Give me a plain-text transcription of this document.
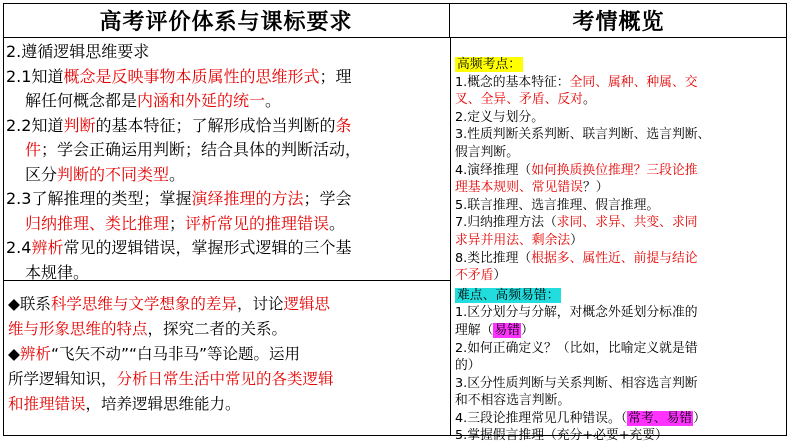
高考评价体系与课标要求	考情概览

2.遵循逻辑思维要求

2.1知道概念是反映事物本质属性的思维形式；理

解任何概念都是内涵和外延的统一。

2.2知道判断的基本特征；了解形成恰当判断的条

件；学会正确运用判断；结合具体的判断活动，

区分判断的不同类型。

2.3了解推理的类型；掌握演绎推理的方法；学会

归纳推理、类比推理；评析常见的推理错误。

2.4辨析常见的逻辑错误，掌握形式逻辑的三个基

本规律。

◆联系科学思维与文学想象的差异，讨论逻辑思

维与形象思维的特点，探究二者的关系。

◆辨析“飞矢不动”“白马非马”等论题。运用

所学逻辑知识，分析日常生活中常见的各类逻辑

和推理错误，培养逻辑思维能力。

高频考点：

1.概念的基本特征：全同、属种、种属、交

叉、全异、矛盾、反对。

2.定义与划分。

3.性质判断关系判断、联言判断、选言判断、

假言判断。

4.演绎推理（如何换质换位推理？三段论推

理基本规则、常见错误？）

5.联言推理、选言推理、假言推理。

7.归纳推理方法（求同、求异、共变、求同

求异并用法、剩余法）

8.类比推理（根据多、属性近、前提与结论

不矛盾）

难点、高频易错：

1.区分划分与分解，对概念外延划分标准的

理解（易错）

2.如何正确定义？（比如，比喻定义就是错

的）

3.区分性质判断与关系判断、相容选言判断

和不相容选言判断。

4.三段论推理常见几种错误。（常考、易错）

5.掌握假言推理（充分+必要+充要）
